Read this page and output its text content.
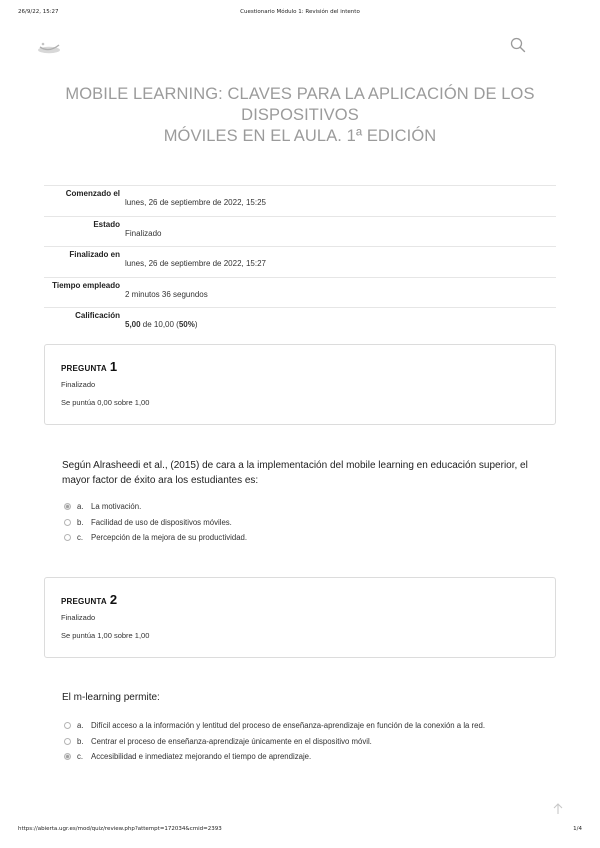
26/9/22, 15:27	Cuestionario Módulo 1: Revisión del intento
MOBILE LEARNING: CLAVES PARA LA APLICACIÓN DE LOS DISPOSITIVOS
MÓVILES EN EL AULA. 1ª EDICIÓN
Comenzado el
lunes, 26 de septiembre de 2022, 15:25
Estado
Finalizado
Finalizado en
lunes, 26 de septiembre de 2022, 15:27
Tiempo empleado
2 minutos 36 segundos
Calificación
5,00 de 10,00 (50%)
PREGUNTA 1
Finalizado
Se puntúa 0,00 sobre 1,00
Según Alrasheedi et al., (2015) de cara a la implementación del mobile learning en educación superior, el mayor factor de éxito ara los estudiantes es:
a. La motivación.
b. Facilidad de uso de dispositivos móviles.
c.	Percepción de la mejora de su productividad.
PREGUNTA 2
Finalizado
Se puntúa 1,00 sobre 1,00
El m-learning permite:
a. Difícil acceso a la información y lentitud del proceso de enseñanza-aprendizaje en función de la conexión a la red.
b. Centrar el proceso de enseñanza-aprendizaje únicamente en el dispositivo móvil.
c.	Accesibilidad e inmediatez mejorando el tiempo de aprendizaje.
https://abierta.ugr.es/mod/quiz/review.php?attempt=172034&cmid=2393	1/4
